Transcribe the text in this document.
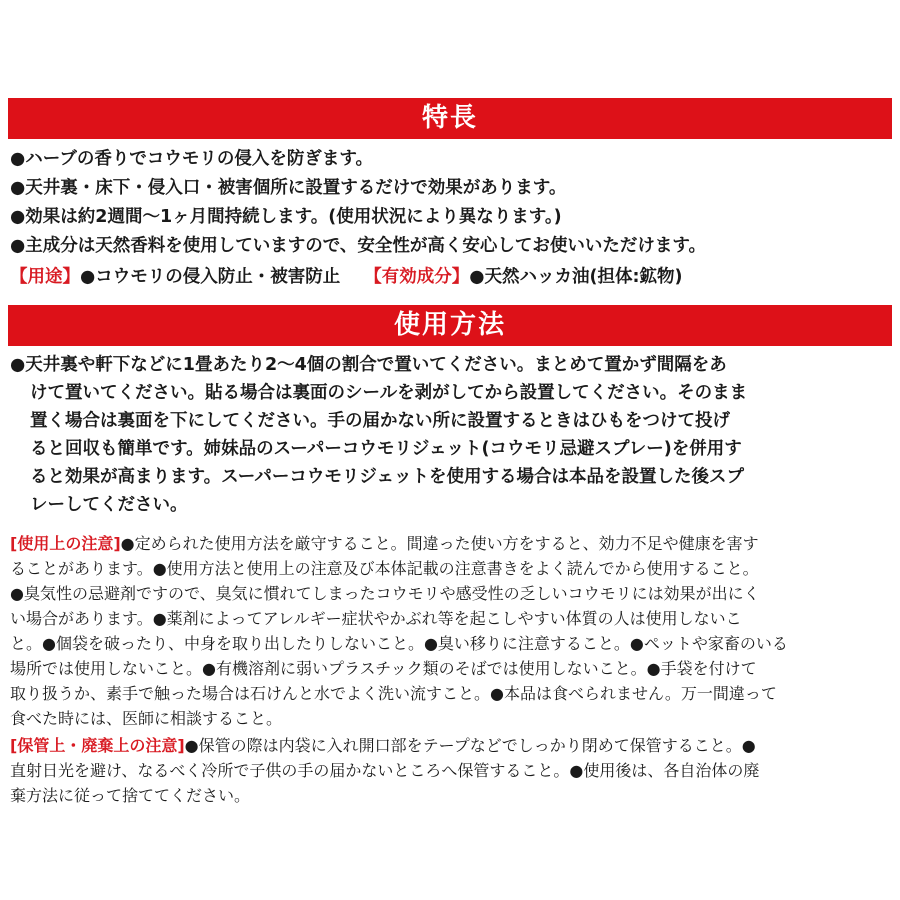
特長
●ハーブの香りでコウモリの侵入を防ぎます。
●天井裏・床下・侵入口・被害個所に設置するだけで効果があります。
●効果は約2週間〜1ヶ月間持続します。(使用状況により異なります。)
●主成分は天然香料を使用していますので、安全性が高く安心してお使いいただけます。
【用途】●コウモリの侵入防止・被害防止 【有効成分】●天然ハッカ油(担体:鉱物)
使用方法
●天井裏や軒下などに1畳あたり2〜4個の割合で置いてください。まとめて置かず間隔をあ
けて置いてください。貼る場合は裏面のシールを剥がしてから設置してください。そのまま
置く場合は裏面を下にしてください。手の届かない所に設置するときはひもをつけて投げ
ると回収も簡単です。姉妹品のスーパーコウモリジェット(コウモリ忌避スプレー)を併用す
ると効果が高まります。スーパーコウモリジェットを使用する場合は本品を設置した後スプ
レーしてください。
[使用上の注意]●定められた使用方法を厳守すること。間違った使い方をすると、効力不足や健康を害す
ることがあります。●使用方法と使用上の注意及び本体記載の注意書きをよく読んでから使用すること。
●臭気性の忌避剤ですので、臭気に慣れてしまったコウモリや感受性の乏しいコウモリには効果が出にく
い場合があります。●薬剤によってアレルギー症状やかぶれ等を起こしやすい体質の人は使用しないこ
と。●個袋を破ったり、中身を取り出したりしないこと。●臭い移りに注意すること。●ペットや家畜のいる
場所では使用しないこと。●有機溶剤に弱いプラスチック類のそばでは使用しないこと。●手袋を付けて
取り扱うか、素手で触った場合は石けんと水でよく洗い流すこと。●本品は食べられません。万一間違って
食べた時には、医師に相談すること。
[保管上・廃棄上の注意]●保管の際は内袋に入れ開口部をテープなどでしっかり閉めて保管すること。●
直射日光を避け、なるべく冷所で子供の手の届かないところへ保管すること。●使用後は、各自治体の廃
棄方法に従って捨ててください。
